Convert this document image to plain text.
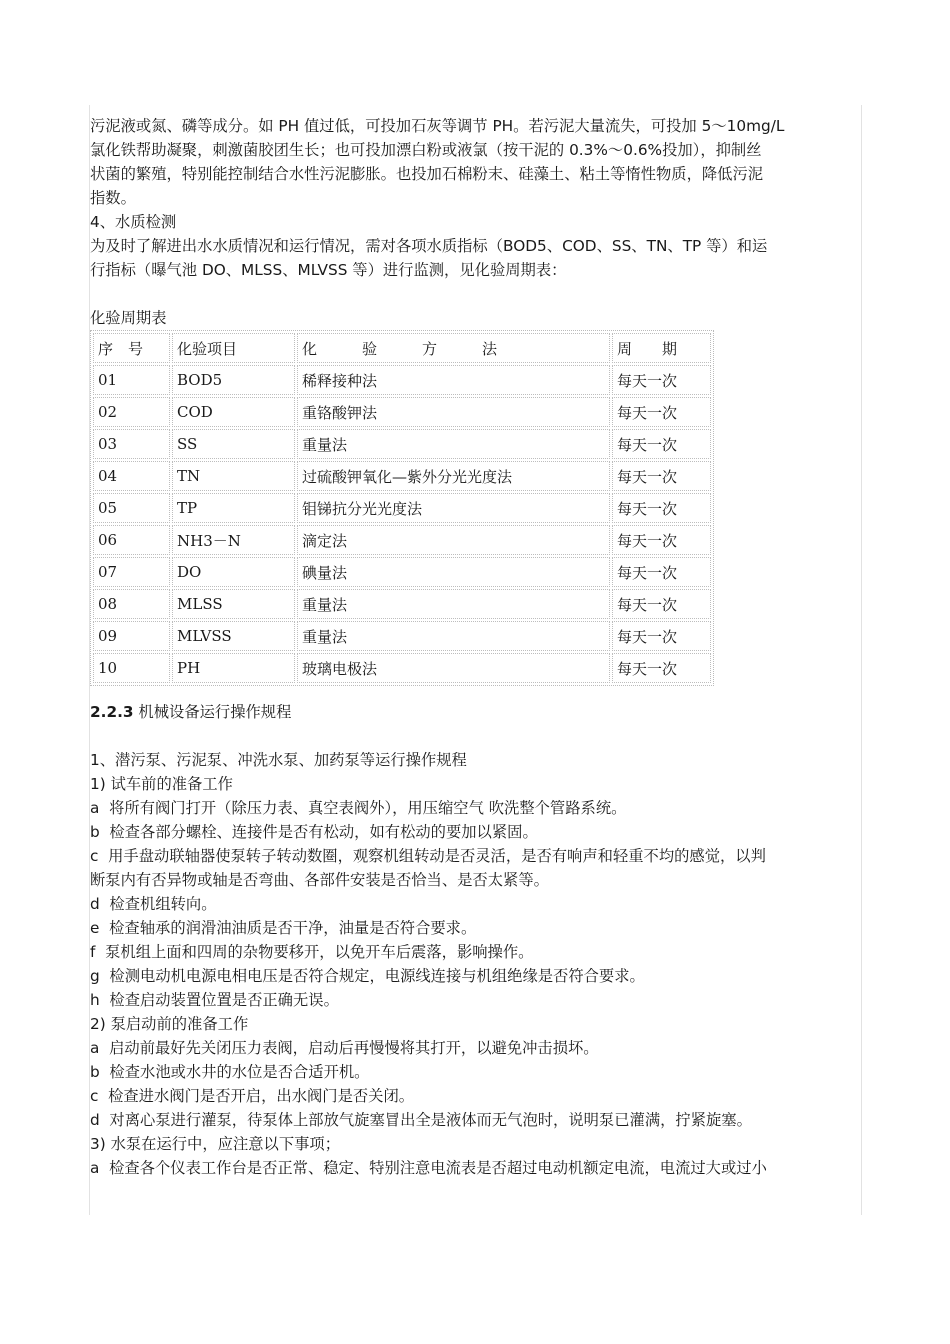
污泥液或氮、磷等成分。如 PH 值过低，可投加石灰等调节 PH。若污泥大量流失，可投加 5～10mg/L

氯化铁帮助凝聚，刺激菌胶团生长；也可投加漂白粉或液氯（按干泥的 0.3%～0.6%投加），抑制丝

状菌的繁殖，特别能控制结合水性污泥膨胀。也投加石棉粉末、硅藻土、粘土等惰性物质，降低污泥

指数。

4、水质检测

为及时了解进出水水质情况和运行情况，需对各项水质指标（BOD5、COD、SS、TN、TP 等）和运

行指标（曝气池 DO、MLSS、MLVSS 等）进行监测，见化验周期表：

化验周期表

序　号	化验项目	化　　　验　　　方　　　法	周　　期
01	BOD5	稀释接种法	每天一次
02	COD	重铬酸钾法	每天一次
03	SS	重量法	每天一次
04	TN	过硫酸钾氧化—紫外分光光度法	每天一次
05	TP	钼锑抗分光光度法	每天一次
06	NH3－N	滴定法	每天一次
07	DO	碘量法	每天一次
08	MLSS	重量法	每天一次
09	MLVSS	重量法	每天一次
10	PH	玻璃电极法	每天一次

2.2.3 机械设备运行操作规程

1、潜污泵、污泥泵、冲洗水泵、加药泵等运行操作规程

1) 试车前的准备工作

a  将所有阀门打开（除压力表、真空表阀外），用压缩空气 吹洗整个管路系统。

b  检查各部分螺栓、连接件是否有松动，如有松动的要加以紧固。

c  用手盘动联轴器使泵转子转动数圈，观察机组转动是否灵活，是否有响声和轻重不均的感觉，以判

断泵内有否异物或轴是否弯曲、各部件安装是否恰当、是否太紧等。

d  检查机组转向。

e  检查轴承的润滑油油质是否干净，油量是否符合要求。

f  泵机组上面和四周的杂物要移开，以免开车后震落，影响操作。

g  检测电动机电源电相电压是否符合规定，电源线连接与机组绝缘是否符合要求。

h  检查启动装置位置是否正确无误。

2) 泵启动前的准备工作

a  启动前最好先关闭压力表阀，启动后再慢慢将其打开，以避免冲击损坏。

b  检查水池或水井的水位是否合适开机。

c  检查进水阀门是否开启，出水阀门是否关闭。

d  对离心泵进行灌泵，待泵体上部放气旋塞冒出全是液体而无气泡时，说明泵已灌满，拧紧旋塞。

3) 水泵在运行中，应注意以下事项；

a  检查各个仪表工作台是否正常、稳定、特别注意电流表是否超过电动机额定电流，电流过大或过小
